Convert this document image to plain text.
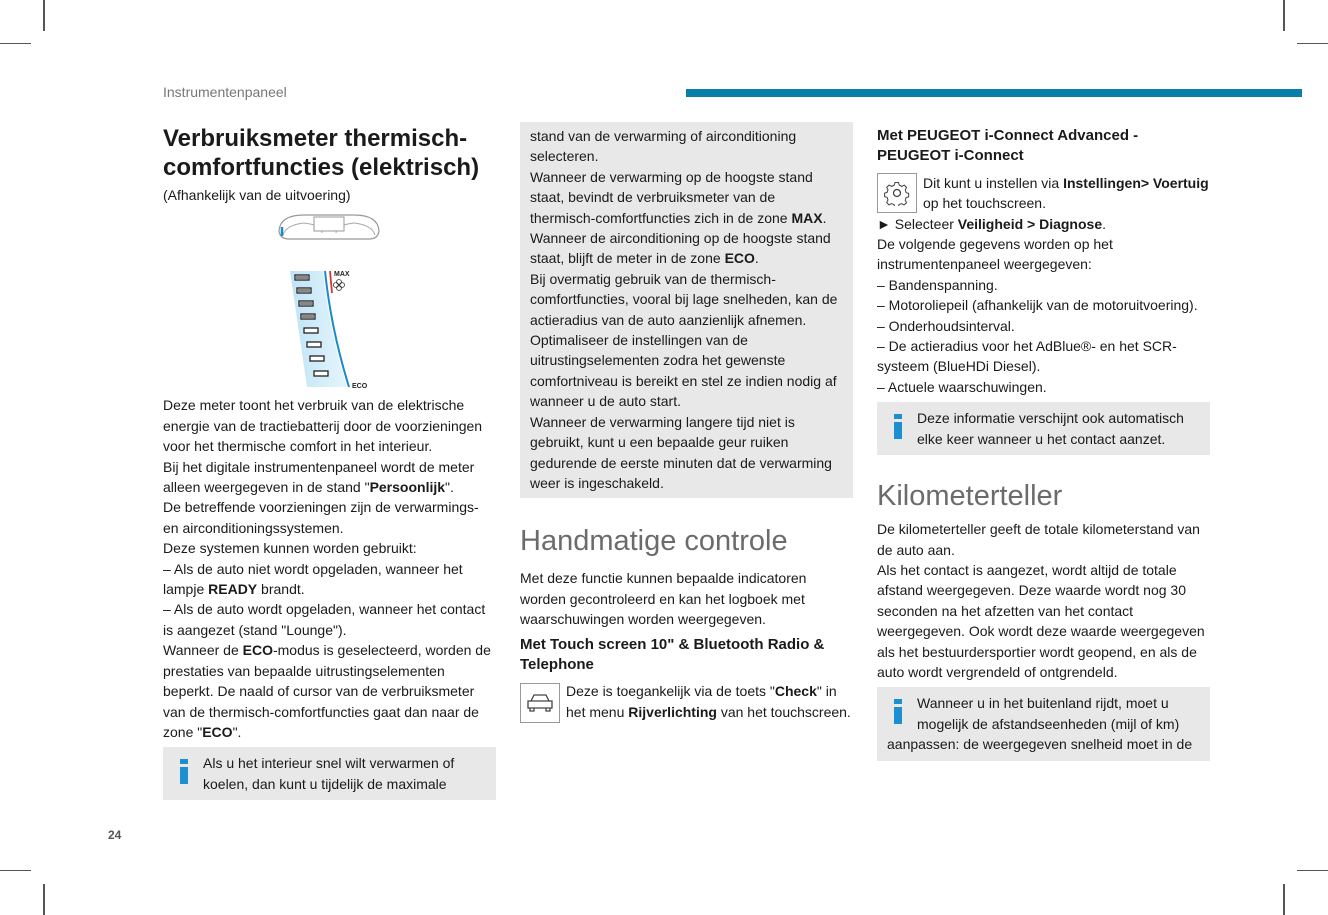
Instrumentenpaneel
Verbruiksmeter thermisch-comfortfuncties (elektrisch)

(Afhankelijk van de uitvoering)

MAX
ECO

Deze meter toont het verbruik van de elektrische energie van de tractiebatterij door de voorzieningen voor het thermische comfort in het interieur.

Bij het digitale instrumentenpaneel wordt de meter alleen weergegeven in de stand "Persoonlijk".

De betreffende voorzieningen zijn de verwarmings- en airconditioningssystemen.

Deze systemen kunnen worden gebruikt:

– Als de auto niet wordt opgeladen, wanneer het lampje READY brandt.

– Als de auto wordt opgeladen, wanneer het contact is aangezet (stand "Lounge").

Wanneer de ECO-modus is geselecteerd, worden de prestaties van bepaalde uitrustingselementen beperkt. De naald of cursor van de verbruiksmeter van de thermisch-comfortfuncties gaat dan naar de zone "ECO".

Als u het interieur snel wilt verwarmen of koelen, dan kunt u tijdelijk de maximale

stand van de verwarming of airconditioning selecteren.

Wanneer de verwarming op de hoogste stand staat, bevindt de verbruiksmeter van de thermisch-comfortfuncties zich in de zone MAX.

Wanneer de airconditioning op de hoogste stand staat, blijft de meter in de zone ECO.

Bij overmatig gebruik van de thermisch-comfortfuncties, vooral bij lage snelheden, kan de actieradius van de auto aanzienlijk afnemen.

Optimaliseer de instellingen van de uitrustingselementen zodra het gewenste comfortniveau is bereikt en stel ze indien nodig af wanneer u de auto start.

Wanneer de verwarming langere tijd niet is gebruikt, kunt u een bepaalde geur ruiken gedurende de eerste minuten dat de verwarming weer is ingeschakeld.

Handmatige controle

Met deze functie kunnen bepaalde indicatoren worden gecontroleerd en kan het logboek met waarschuwingen worden weergegeven.

Met Touch screen 10" & Bluetooth Radio & Telephone

Deze is toegankelijk via de toets "Check" in het menu Rijverlichting van het touchscreen.

Met PEUGEOT i-Connect Advanced - PEUGEOT i-Connect

Dit kunt u instellen via Instellingen> Voertuig op het touchscreen.

► Selecteer Veiligheid > Diagnose.

De volgende gegevens worden op het instrumentenpaneel weergegeven:

– Bandenspanning.

– Motoroliepeil (afhankelijk van de motoruitvoering).

– Onderhoudsinterval.

– De actieradius voor het AdBlue®- en het SCR-systeem (BlueHDi Diesel).

– Actuele waarschuwingen.

Deze informatie verschijnt ook automatisch elke keer wanneer u het contact aanzet.

Kilometerteller

De kilometerteller geeft de totale kilometerstand van de auto aan.

Als het contact is aangezet, wordt altijd de totale afstand weergegeven. Deze waarde wordt nog 30 seconden na het afzetten van het contact weergegeven. Ook wordt deze waarde weergegeven als het bestuurdersportier wordt geopend, en als de auto wordt vergrendeld of ontgrendeld.

Wanneer u in het buitenland rijdt, moet u mogelijk de afstandseenheden (mijl of km)

aanpassen: de weergegeven snelheid moet in de

24
